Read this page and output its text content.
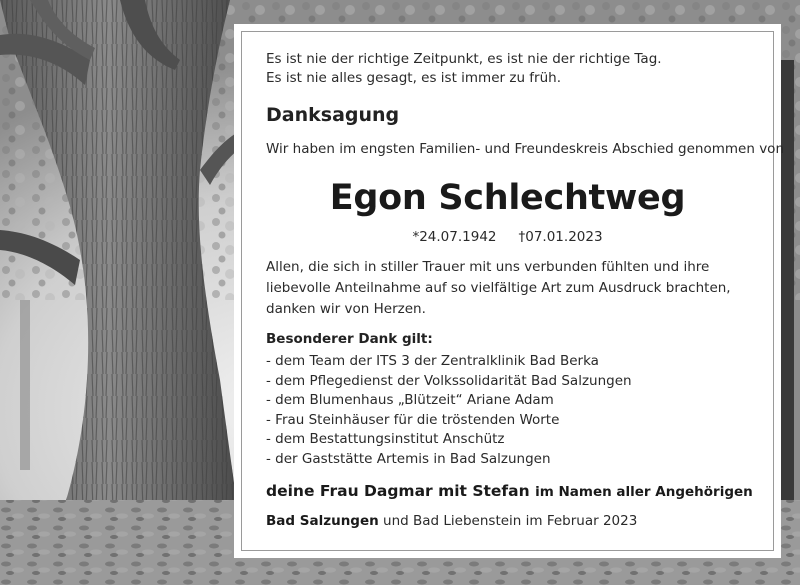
Es ist nie der richtige Zeitpunkt, es ist nie der richtige Tag.
Es ist nie alles gesagt, es ist immer zu früh.
Danksagung
Wir haben im engsten Familien- und Freundeskreis Abschied genommen von
Egon Schlechtweg
*24.07.1942 †07.01.2023
Allen, die sich in stiller Trauer mit uns verbunden fühlten und ihre liebevolle Anteilnahme auf so vielfältige Art zum Ausdruck brachten, danken wir von Herzen.
Besonderer Dank gilt:
- dem Team der ITS 3 der Zentralklinik Bad Berka
- dem Pflegedienst der Volkssolidarität Bad Salzungen
- dem Blumenhaus „Blützeit“ Ariane Adam
- Frau Steinhäuser für die tröstenden Worte
- dem Bestattungsinstitut Anschütz
- der Gaststätte Artemis in Bad Salzungen
deine Frau Dagmar mit Stefan im Namen aller Angehörigen
Bad Salzungen und Bad Liebenstein im Februar 2023
